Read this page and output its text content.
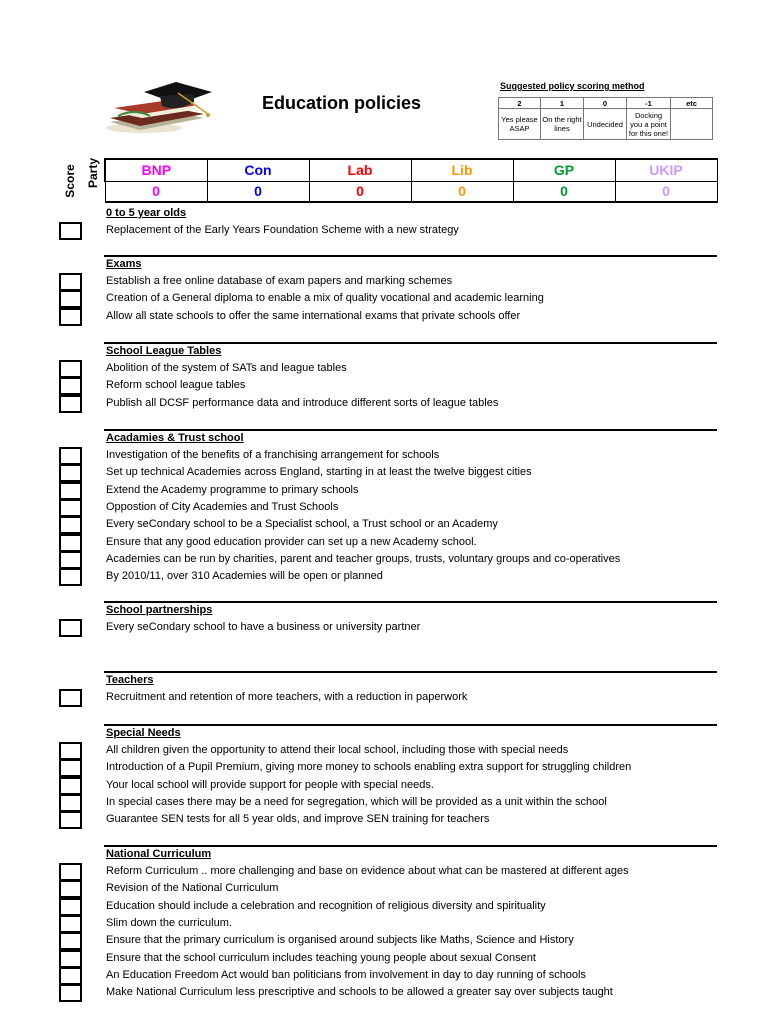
Education policies
Suggested policy scoring method
2	1	0	-1	etc
Yes please ASAP	On the right lines	Undecided	Docking you a point for this one!	
Score Party	BNP	Con	Lab	Lib	GP	UKIP
0	0	0	0	0	0
0 to 5 year olds
Replacement of the Early Years Foundation Scheme with a new strategy
Exams
Establish a free online database of exam papers and marking schemes
Creation of a General diploma to enable a mix of quality vocational and academic learning
Allow all state schools to offer the same international exams that private schools offer
School League Tables
Abolition of the system of SATs and league tables
Reform school league tables
Publish all DCSF performance data and introduce different sorts of league tables
Acadamies & Trust school
Investigation of the benefits of a franchising arrangement for schools
Set up technical Academies across England, starting in at least the twelve biggest cities
Extend the Academy programme to primary schools
Oppostion of City Academies and Trust Schools
Every seCondary school to be a Specialist school, a Trust school or an Academy
Ensure that any good education provider can set up a new Academy school.
Academies can be run by charities, parent and teacher groups, trusts, voluntary groups and co-operatives
By 2010/11, over 310 Academies will be open or planned
School partnerships
Every seCondary school to have a business or university partner
Teachers
Recruitment and retention of more teachers, with a reduction in paperwork
Special Needs
All children given the opportunity to attend their local school, including those with special needs
Introduction of a Pupil Premium, giving more money to schools enabling extra support for struggling children
Your local school will provide support for people with special needs.
In special cases there may be a need for segregation, which will be provided as a unit within the school
Guarantee SEN tests for all 5 year olds, and improve SEN training for teachers
National Curriculum
Reform Curriculum .. more challenging and base on evidence about what can be mastered at different ages
Revision of the National Curriculum
Education should include a celebration and recognition of religious diversity and spirituality
Slim down the curriculum.
Ensure that the primary curriculum is organised around subjects like Maths, Science and History
Ensure that the school curriculum includes teaching young people about sexual Consent
An Education Freedom Act would ban politicians from involvement in day to day running of schools
Make National Curriculum less prescriptive and schools to be allowed a greater say over subjects taught
